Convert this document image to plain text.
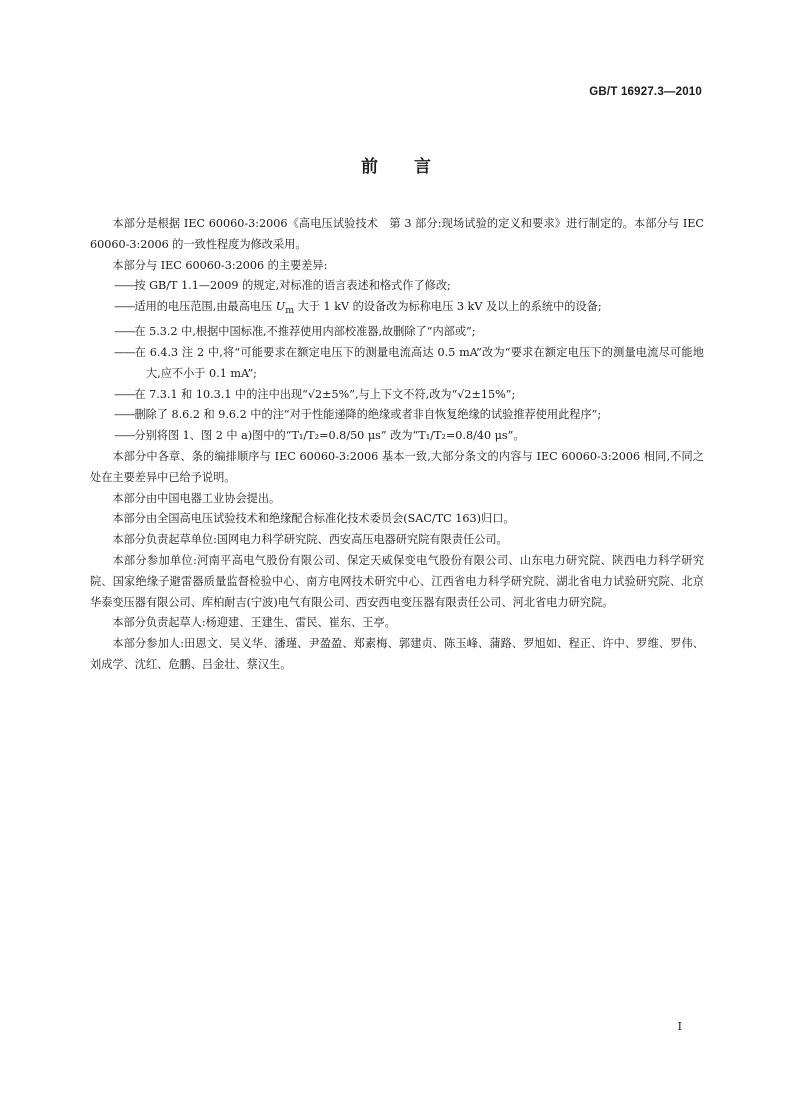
GB/T 16927.3—2010
前言

本部分是根据 IEC 60060-3:2006《高电压试验技术　第 3 部分:现场试验的定义和要求》进行制定的。本部分与 IEC 60060-3:2006 的一致性程度为修改采用。

本部分与 IEC 60060-3:2006 的主要差异:

——按 GB/T 1.1—2009 的规定,对标准的语言表述和格式作了修改;

——适用的电压范围,由最高电压 $U_m$ 大于 1 kV 的设备改为标称电压 3 kV 及以上的系统中的设备;

——在 5.3.2 中,根据中国标准,不推荐使用内部校准器,故删除了“内部或”;

——在 6.4.3 注 2 中,将“可能要求在额定电压下的测量电流高达 0.5 mA”改为“要求在额定电压下的测量电流尽可能地大,应不小于 0.1 mA”;

——在 7.3.1 和 10.3.1 中的注中出现“√2±5%”,与上下文不符,改为“√2±15%”;

——删除了 8.6.2 和 9.6.2 中的注“对于性能递降的绝缘或者非自恢复绝缘的试验推荐使用此程序”;

——分别将图 1、图 2 中 a)图中的“T₁/T₂=0.8/50 μs” 改为“T₁/T₂=0.8/40 μs”。

本部分中各章、条的编排顺序与 IEC 60060-3:2006 基本一致,大部分条文的内容与 IEC 60060-3:2006 相同,不同之处在主要差异中已给予说明。

本部分由中国电器工业协会提出。

本部分由全国高电压试验技术和绝缘配合标准化技术委员会(SAC/TC 163)归口。

本部分负责起草单位:国网电力科学研究院、西安高压电器研究院有限责任公司。

本部分参加单位:河南平高电气股份有限公司、保定天威保变电气股份有限公司、山东电力研究院、陕西电力科学研究院、国家绝缘子避雷器质量监督检验中心、南方电网技术研究中心、江西省电力科学研究院、湖北省电力试验研究院、北京华泰变压器有限公司、库柏耐吉(宁波)电气有限公司、西安西电变压器有限责任公司、河北省电力研究院。

本部分负责起草人:杨迎建、王建生、雷民、崔东、王亭。

本部分参加人:田恩文、吴义华、潘瑾、尹盈盈、郑素梅、郭建贞、陈玉峰、蒲路、罗旭如、程正、许中、罗维、罗伟、刘成学、沈红、危鹏、吕金壮、蔡汉生。

I
